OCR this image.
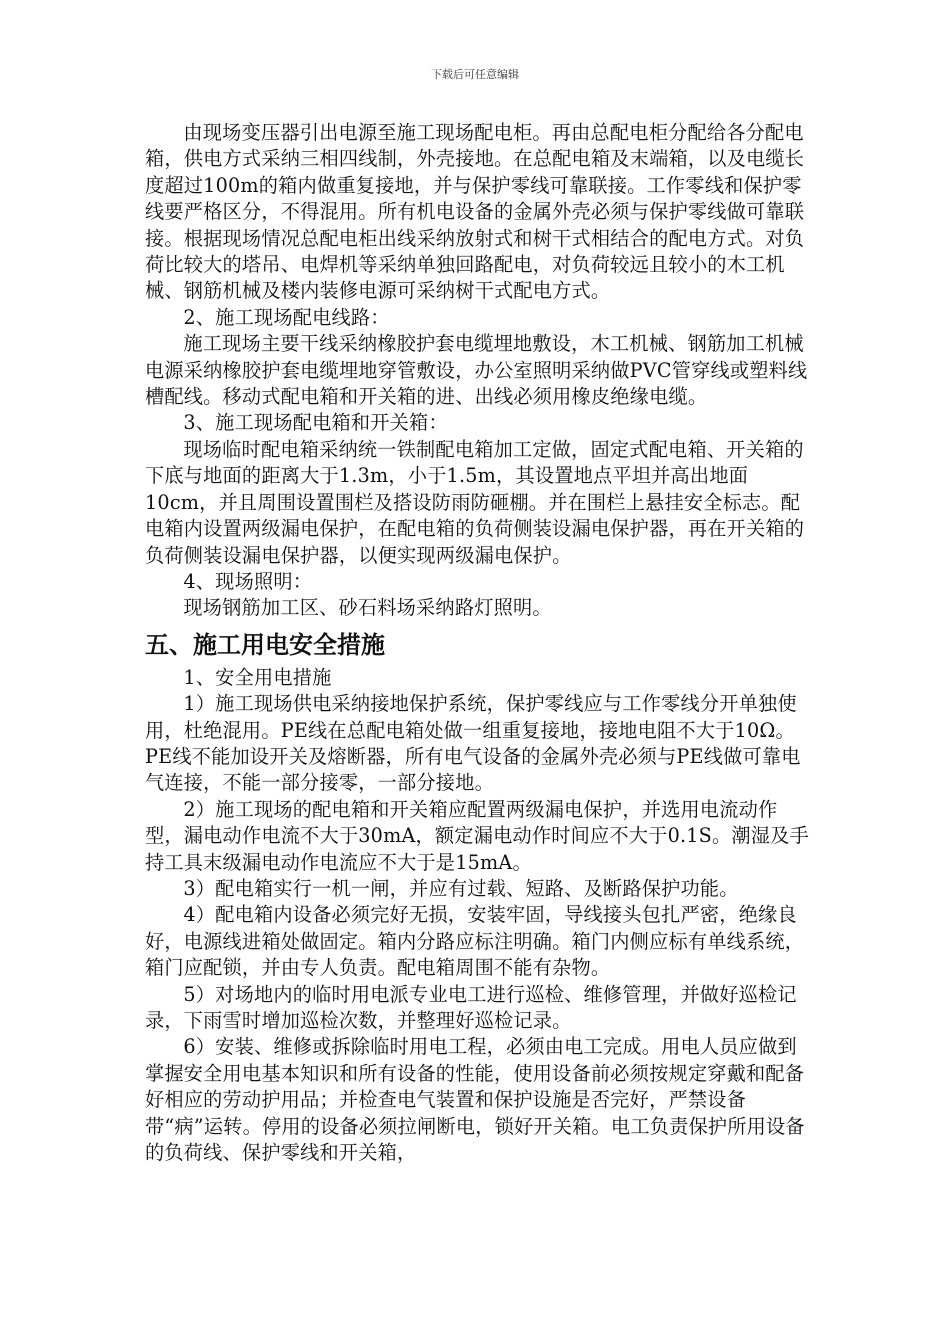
下载后可任意编辑

由现场变压器引出电源至施工现场配电柜。再由总配电柜分配给各分配电箱，供电方式采纳三相四线制，外壳接地。在总配电箱及末端箱，以及电缆长度超过100m的箱内做重复接地，并与保护零线可靠联接。工作零线和保护零线要严格区分，不得混用。所有机电设备的金属外壳必须与保护零线做可靠联接。根据现场情况总配电柜出线采纳放射式和树干式相结合的配电方式。对负荷比较大的塔吊、电焊机等采纳单独回路配电，对负荷较远且较小的木工机械、钢筋机械及楼内装修电源可采纳树干式配电方式。

2、施工现场配电线路：

施工现场主要干线采纳橡胶护套电缆埋地敷设，木工机械、钢筋加工机械电源采纳橡胶护套电缆埋地穿管敷设，办公室照明采纳做PVC管穿线或塑料线槽配线。移动式配电箱和开关箱的进、出线必须用橡皮绝缘电缆。

3、施工现场配电箱和开关箱：

现场临时配电箱采纳统一铁制配电箱加工定做，固定式配电箱、开关箱的下底与地面的距离大于1.3m，小于1.5m，其设置地点平坦并高出地面10cm，并且周围设置围栏及搭设防雨防砸棚。并在围栏上悬挂安全标志。配电箱内设置两级漏电保护，在配电箱的负荷侧装设漏电保护器，再在开关箱的负荷侧装设漏电保护器，以便实现两级漏电保护。

4、现场照明：

现场钢筋加工区、砂石料场采纳路灯照明。

五、施工用电安全措施

1、安全用电措施

1）施工现场供电采纳接地保护系统，保护零线应与工作零线分开单独使用，杜绝混用。PE线在总配电箱处做一组重复接地，接地电阻不大于10Ω。PE线不能加设开关及熔断器，所有电气设备的金属外壳必须与PE线做可靠电气连接，不能一部分接零，一部分接地。

2）施工现场的配电箱和开关箱应配置两级漏电保护，并选用电流动作型，漏电动作电流不大于30mA，额定漏电动作时间应不大于0.1S。潮湿及手持工具末级漏电动作电流应不大于是15mA。

3）配电箱实行一机一闸，并应有过载、短路、及断路保护功能。

4）配电箱内设备必须完好无损，安装牢固，导线接头包扎严密，绝缘良好，电源线进箱处做固定。箱内分路应标注明确。箱门内侧应标有单线系统，箱门应配锁，并由专人负责。配电箱周围不能有杂物。

5）对场地内的临时用电派专业电工进行巡检、维修管理，并做好巡检记录，下雨雪时增加巡检次数，并整理好巡检记录。

6）安装、维修或拆除临时用电工程，必须由电工完成。用电人员应做到掌握安全用电基本知识和所有设备的性能，使用设备前必须按规定穿戴和配备好相应的劳动护用品；并检查电气装置和保护设施是否完好，严禁设备带“病”运转。停用的设备必须拉闸断电，锁好开关箱。电工负责保护所用设备的负荷线、保护零线和开关箱，
